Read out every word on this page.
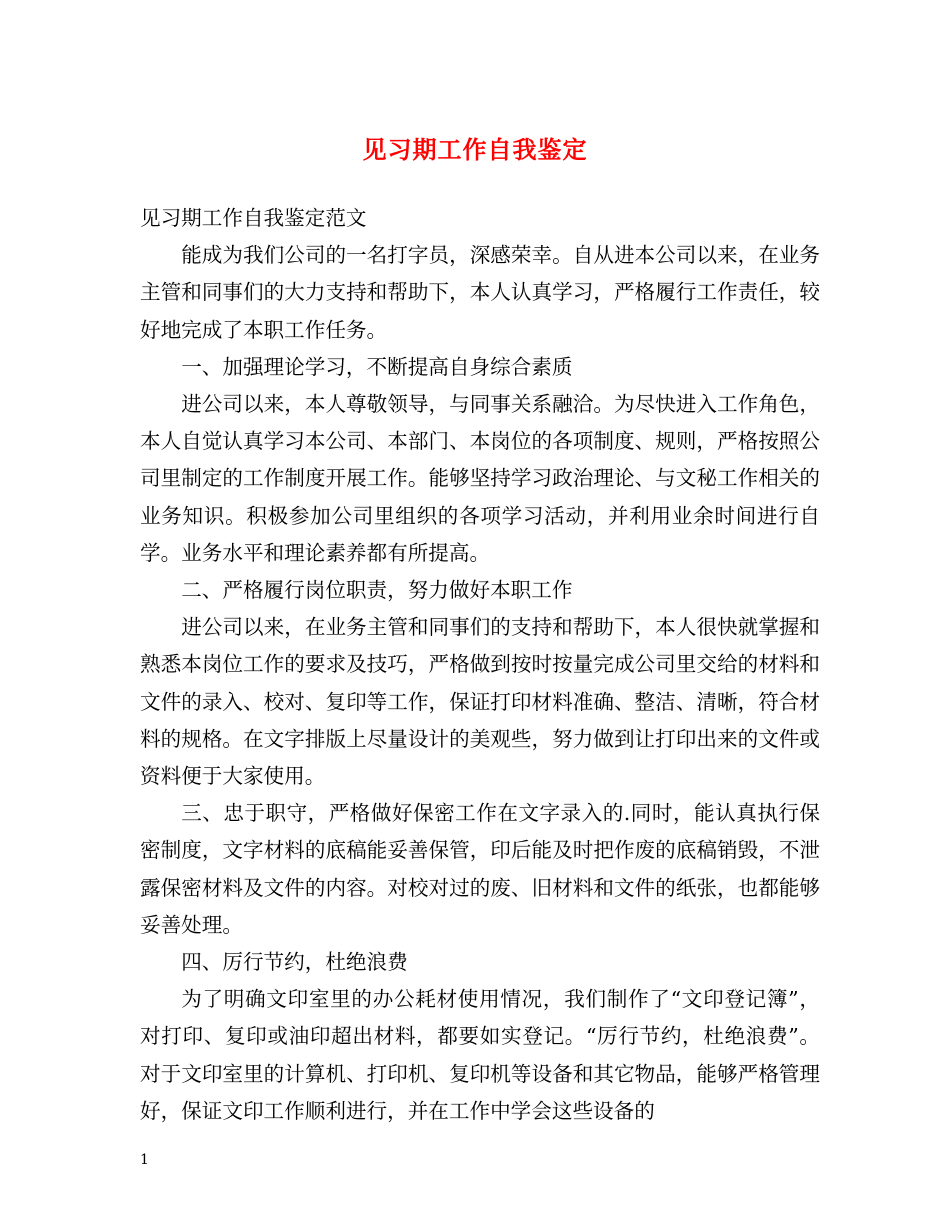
见习期工作自我鉴定

见习期工作自我鉴定范文

能成为我们公司的一名打字员，深感荣幸。自从进本公司以来，在业务主管和同事们的大力支持和帮助下，本人认真学习，严格履行工作责任，较好地完成了本职工作任务。

一、加强理论学习，不断提高自身综合素质

进公司以来，本人尊敬领导，与同事关系融洽。为尽快进入工作角色，本人自觉认真学习本公司、本部门、本岗位的各项制度、规则，严格按照公司里制定的工作制度开展工作。能够坚持学习政治理论、与文秘工作相关的业务知识。积极参加公司里组织的各项学习活动，并利用业余时间进行自学。业务水平和理论素养都有所提高。

二、严格履行岗位职责，努力做好本职工作

进公司以来，在业务主管和同事们的支持和帮助下，本人很快就掌握和熟悉本岗位工作的要求及技巧，严格做到按时按量完成公司里交给的材料和文件的录入、校对、复印等工作，保证打印材料准确、整洁、清晰，符合材料的规格。在文字排版上尽量设计的美观些，努力做到让打印出来的文件或资料便于大家使用。

三、忠于职守，严格做好保密工作在文字录入的.同时，能认真执行保密制度，文字材料的底稿能妥善保管，印后能及时把作废的底稿销毁，不泄露保密材料及文件的内容。对校对过的废、旧材料和文件的纸张，也都能够妥善处理。

四、厉行节约，杜绝浪费

为了明确文印室里的办公耗材使用情况，我们制作了“文印登记簿”，对打印、复印或油印超出材料，都要如实登记。“厉行节约，杜绝浪费”。对于文印室里的计算机、打印机、复印机等设备和其它物品，能够严格管理好，保证文印工作顺利进行，并在工作中学会这些设备的

1
